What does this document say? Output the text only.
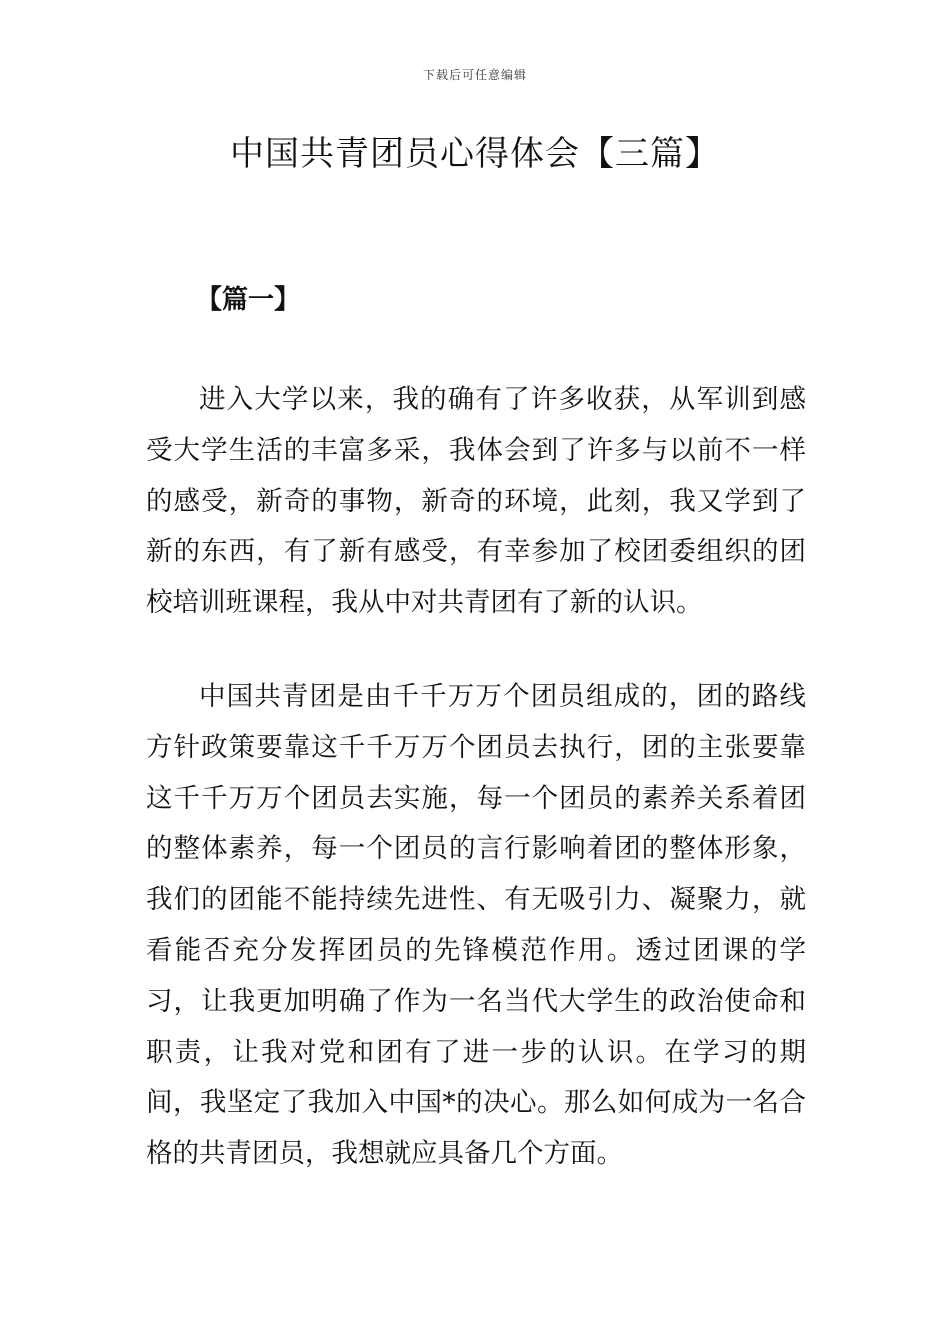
下载后可任意编辑
中国共青团员心得体会【三篇】
【篇一】

进入大学以来，我的确有了许多收获，从军训到感受大学生活的丰富多采，我体会到了许多与以前不一样的感受，新奇的事物，新奇的环境，此刻，我又学到了新的东西，有了新有感受，有幸参加了校团委组织的团校培训班课程，我从中对共青团有了新的认识。

中国共青团是由千千万万个团员组成的，团的路线方针政策要靠这千千万万个团员去执行，团的主张要靠这千千万万个团员去实施，每一个团员的素养关系着团的整体素养，每一个团员的言行影响着团的整体形象，我们的团能不能持续先进性、有无吸引力、凝聚力，就看能否充分发挥团员的先锋模范作用。透过团课的学习，让我更加明确了作为一名当代大学生的政治使命和职责，让我对党和团有了进一步的认识。在学习的期间，我坚定了我加入中国*的决心。那么如何成为一名合格的共青团员，我想就应具备几个方面。
